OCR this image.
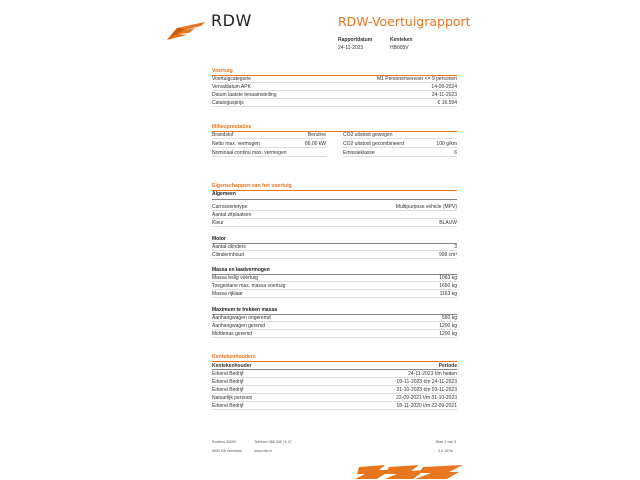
RDW	RDW-Voertuigrapport
Rapportdatum
24-11-2023
Kenteken
HB005V
Voertuig
Voertuigcategorie	M1 Personenvervoer <= 9 personen
Vervaldatum APK	14-09-2024
Datum laatste tenaamstelling	24-11-2023
Catalogusprijs	€ 16.594
Milieuprestaties
Brandstof	Benzine
Netto max. vermogen	66,00 kW
Nominaal continu max. vermogen
CO2 uitstoot gewogen
CO2 uitstoot gecombineerd	100 g/km
Emissieklasse	6
Eigenschappen van het voertuig
Algemeen
Carrosserietype	Multipurpose vehicle (MPV)
Aantal zitplaatsen
Kleur	BLAUW
Motor
Aantal cilinders	3
Cilinderinhoud	999 cm³
Massa en laadvermogen
Massa ledig voertuig	1063 kg
Toegestane max. massa voertuig	1650 kg
Massa rijklaar	1163 kg
Maximum te trekken massa
Aanhangwagen ongeremd	560 kg
Aanhangwagen geremd	1200 kg
Middenas geremd	1200 kg
Kentekenhouders
Kentekenhouder	Periode
Erkend Bedrijf	24-11-2023 t/m heden
Erkend Bedrijf	03-11-2023 t/m 24-11-2023
Erkend Bedrijf	31-10-2023 t/m 03-11-2023
Natuurlijk persoon	22-09-2021 t/m 31-10-2023
Erkend Bedrijf	18-11-2020 t/m 22-09-2021
Postbus 30000
9640 RA Veendam
Telefoon 088 008 74 47
www.rdw.nl
Blad 2 van 3
3.0.167la
